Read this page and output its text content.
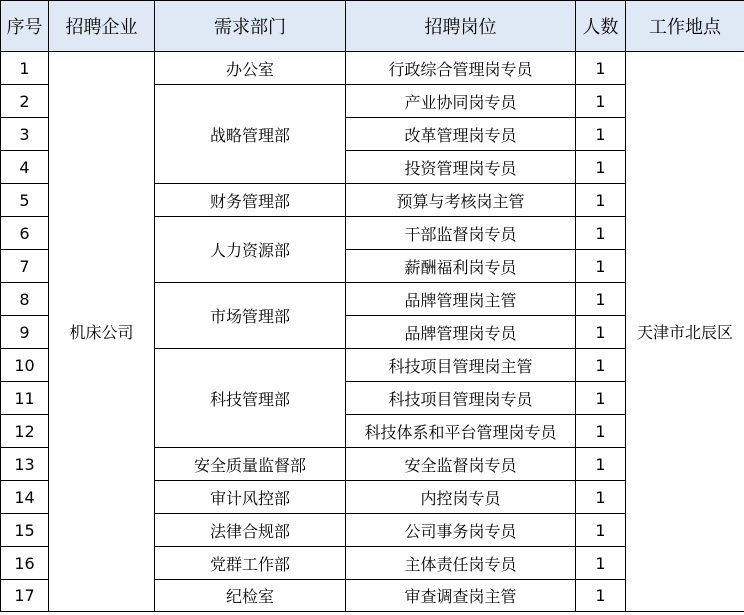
序号	招聘企业	需求部门	招聘岗位	人数	工作地点
1	机床公司	办公室	行政综合管理岗专员	1	天津市北辰区
2		战略管理部	产业协同岗专员	1	
3			改革管理岗专员	1	
4			投资管理岗专员	1	
5		财务管理部	预算与考核岗主管	1	
6		人力资源部	干部监督岗专员	1	
7			薪酬福利岗专员	1	
8		市场管理部	品牌管理岗主管	1	
9			品牌管理岗专员	1	
10		科技管理部	科技项目管理岗主管	1	
11			科技项目管理岗专员	1	
12			科技体系和平台管理岗专员	1	
13		安全质量监督部	安全监督岗专员	1	
14		审计风控部	内控岗专员	1	
15		法律合规部	公司事务岗专员	1	
16		党群工作部	主体责任岗专员	1	
17		纪检室	审查调查岗主管	1	
